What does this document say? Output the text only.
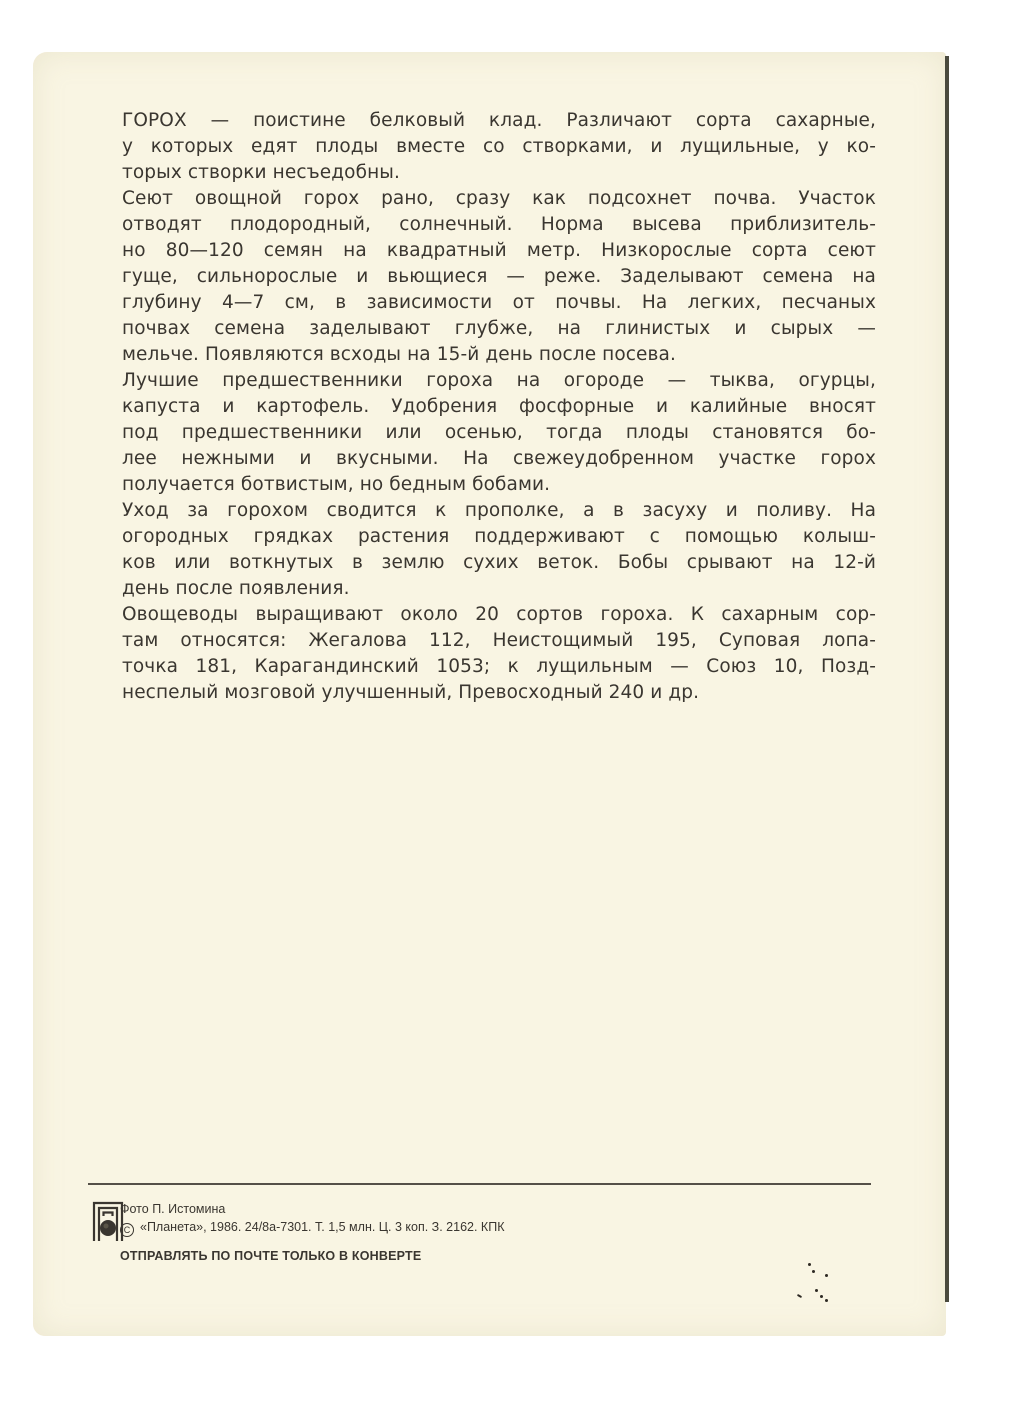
ГОРОХ — поистине белковый клад. Различают сорта сахарные,
у которых едят плоды вместе со створками, и лущильные, у ко-
торых створки несъедобны.

Сеют овощной горох рано, сразу как подсохнет почва. Участок
отводят плодородный, солнечный. Норма высева приблизитель-
но 80—120 семян на квадратный метр. Низкорослые сорта сеют
гуще, сильнорослые и вьющиеся — реже. Заделывают семена на
глубину 4—7 см, в зависимости от почвы. На легких, песчаных
почвах семена заделывают глубже, на глинистых и сырых —
мельче. Появляются всходы на 15-й день после посева.

Лучшие предшественники гороха на огороде — тыква, огурцы,
капуста и картофель. Удобрения фосфорные и калийные вносят
под предшественники или осенью, тогда плоды становятся бо-
лее нежными и вкусными. На свежеудобренном участке горох
получается ботвистым, но бедным бобами.

Уход за горохом сводится к прополке, а в засуху и поливу. На
огородных грядках растения поддерживают с помощью колыш-
ков или воткнутых в землю сухих веток. Бобы срывают на 12-й
день после появления.

Овощеводы выращивают около 20 сортов гороха. К сахарным сор-
там относятся: Жегалова 112, Неистощимый 195, Суповая лопа-
точка 181, Карагандинский 1053; к лущильным — Союз 10, Позд-
неспелый мозговой улучшенный, Превосходный 240 и др.

Фото П. Истомина
C «Планета», 1986. 24/8а-7301. Т. 1,5 млн. Ц. 3 коп. З. 2162. КПК
ОТПРАВЛЯТЬ ПО ПОЧТЕ ТОЛЬКО В КОНВЕРТЕ
